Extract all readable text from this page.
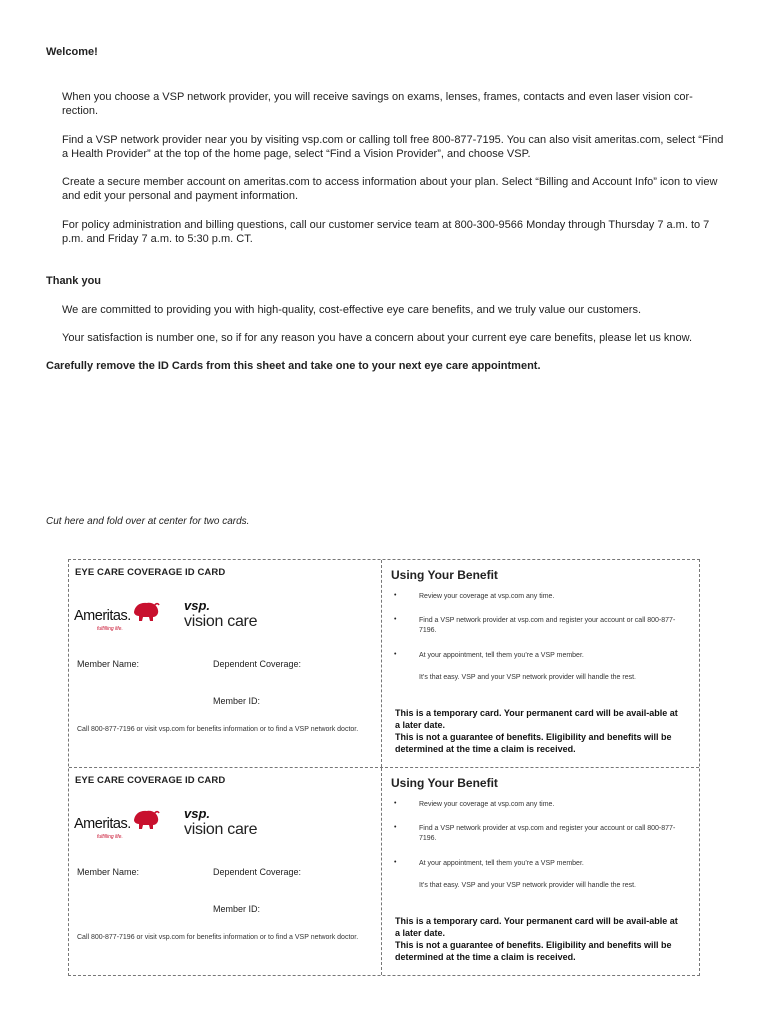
Welcome!
When you choose a VSP network provider, you will receive savings on exams, lenses, frames, contacts and even laser vision cor-rection.
Find a VSP network provider near you by visiting vsp.com or calling toll free 800-877-7195. You can also visit ameritas.com, select “Find a Health Provider” at the top of the home page, select “Find a Vision Provider”, and choose VSP.
Create a secure member account on ameritas.com to access information about your plan. Select “Billing and Account Info” icon to view and edit your personal and payment information.
For policy administration and billing questions, call our customer service team at 800-300-9566 Monday through Thursday 7 a.m. to 7 p.m. and Friday 7 a.m. to 5:30 p.m. CT.
Thank you
We are committed to providing you with high-quality, cost-effective eye care benefits, and we truly value our customers.
Your satisfaction is number one, so if for any reason you have a concern about your current eye care benefits, please let us know.
Carefully remove the ID Cards from this sheet and take one to your next eye care appointment.
Cut here and fold over at center for two cards.
EYE CARE COVERAGE ID CARD
Ameritas.
fulfilling life.
vsp.
vision care
Member Name:	Dependent Coverage:
Member ID:
Call 800-877-7196 or visit vsp.com for benefits information or to find a VSP network doctor.
Using Your Benefit
•	Review your coverage at vsp.com any time.
•	Find a VSP network provider at vsp.com and register your account or call 800-877-7196.
•	At your appointment, tell them you’re a VSP member.
It’s that easy. VSP and your VSP network provider will handle the rest.
This is a temporary card. Your permanent card will be avail-able at a later date.
This is not a guarantee of benefits. Eligibility and benefits will be determined at the time a claim is received.
EYE CARE COVERAGE ID CARD
Ameritas.
fulfilling life.
vsp.
vision care
Member Name:	Dependent Coverage:
Member ID:
Call 800-877-7196 or visit vsp.com for benefits information or to find a VSP network doctor.
Using Your Benefit
•	Review your coverage at vsp.com any time.
•	Find a VSP network provider at vsp.com and register your account or call 800-877-7196.
•	At your appointment, tell them you’re a VSP member.
It’s that easy. VSP and your VSP network provider will handle the rest.
This is a temporary card. Your permanent card will be avail-able at a later date.
This is not a guarantee of benefits. Eligibility and benefits will be determined at the time a claim is received.
